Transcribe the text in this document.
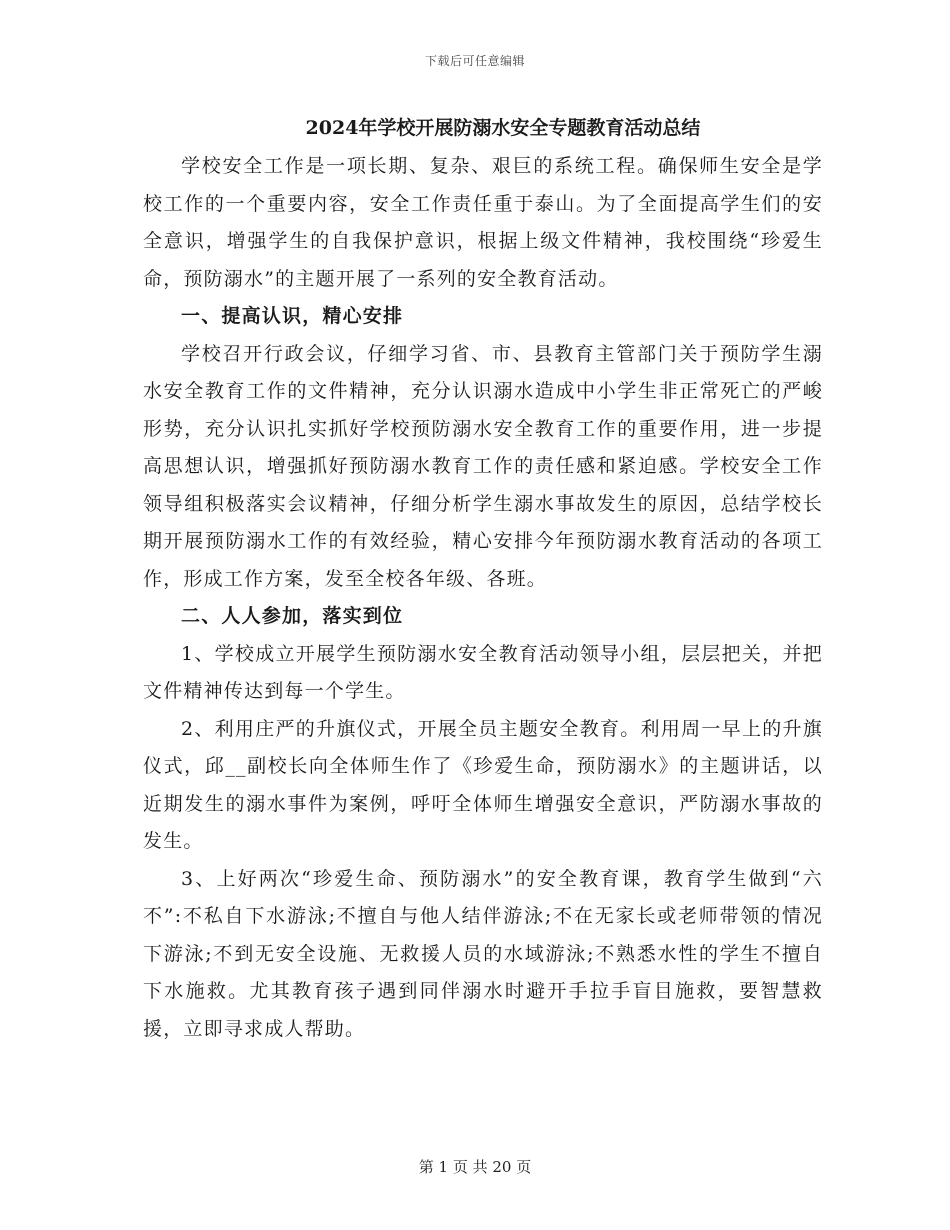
下载后可任意编辑

2024年学校开展防溺水安全专题教育活动总结

学校安全工作是一项长期、复杂、艰巨的系统工程。确保师生安全是学校工作的一个重要内容，安全工作责任重于泰山。为了全面提高学生们的安全意识，增强学生的自我保护意识，根据上级文件精神，我校围绕“珍爱生命，预防溺水”的主题开展了一系列的安全教育活动。

一、提高认识，精心安排

学校召开行政会议，仔细学习省、市、县教育主管部门关于预防学生溺水安全教育工作的文件精神，充分认识溺水造成中小学生非正常死亡的严峻形势，充分认识扎实抓好学校预防溺水安全教育工作的重要作用，进一步提高思想认识，增强抓好预防溺水教育工作的责任感和紧迫感。学校安全工作领导组积极落实会议精神，仔细分析学生溺水事故发生的原因，总结学校长期开展预防溺水工作的有效经验，精心安排今年预防溺水教育活动的各项工作，形成工作方案，发至全校各年级、各班。

二、人人参加，落实到位

1、学校成立开展学生预防溺水安全教育活动领导小组，层层把关，并把文件精神传达到每一个学生。

2、利用庄严的升旗仪式，开展全员主题安全教育。利用周一早上的升旗仪式，邱__副校长向全体师生作了《珍爱生命，预防溺水》的主题讲话，以近期发生的溺水事件为案例，呼吁全体师生增强安全意识，严防溺水事故的发生。

3、上好两次“珍爱生命、预防溺水”的安全教育课，教育学生做到“六不”:不私自下水游泳;不擅自与他人结伴游泳;不在无家长或老师带领的情况下游泳;不到无安全设施、无救援人员的水域游泳;不熟悉水性的学生不擅自下水施救。尤其教育孩子遇到同伴溺水时避开手拉手盲目施救，要智慧救援，立即寻求成人帮助。

第 1 页 共 20 页
